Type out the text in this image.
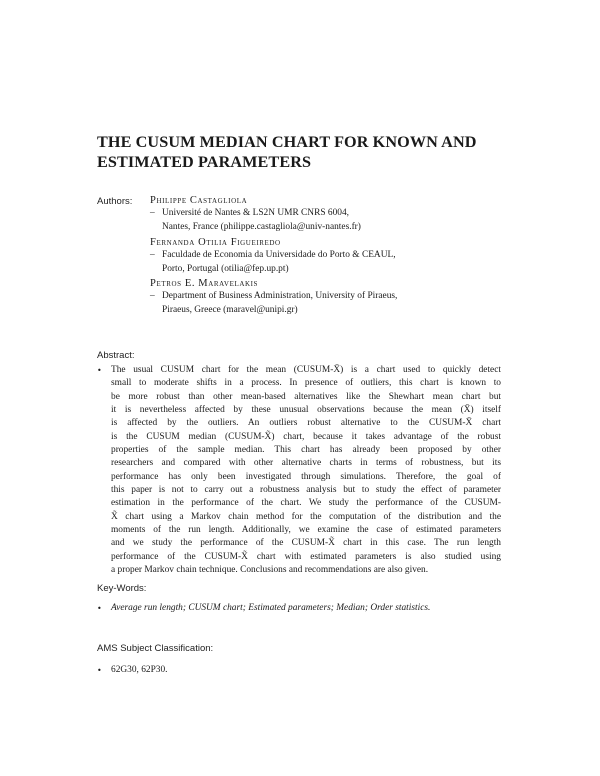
THE CUSUM MEDIAN CHART FOR KNOWN AND
ESTIMATED PARAMETERS
Authors: Philippe Castagliola
– Université de Nantes & LS2N UMR CNRS 6004,
Nantes, France (philippe.castagliola@univ-nantes.fr)
Fernanda Otilia Figueiredo
– Faculdade de Economia da Universidade do Porto & CEAUL,
Porto, Portugal (otilia@fep.up.pt)
Petros E. Maravelakis
– Department of Business Administration, University of Piraeus,
Piraeus, Greece (maravel@unipi.gr)
Abstract:
• The usual CUSUM chart for the mean (CUSUM-X̄) is a chart used to quickly detect
small to moderate shifts in a process. In presence of outliers, this chart is known to
be more robust than other mean-based alternatives like the Shewhart mean chart but
it is nevertheless affected by these unusual observations because the mean (X̄) itself
is affected by the outliers. An outliers robust alternative to the CUSUM-X̄ chart
is the CUSUM median (CUSUM-X̃) chart, because it takes advantage of the robust
properties of the sample median. This chart has already been proposed by other
researchers and compared with other alternative charts in terms of robustness, but its
performance has only been investigated through simulations. Therefore, the goal of
this paper is not to carry out a robustness analysis but to study the effect of parameter
estimation in the performance of the chart. We study the performance of the CUSUM-
X̃ chart using a Markov chain method for the computation of the distribution and the
moments of the run length. Additionally, we examine the case of estimated parameters
and we study the performance of the CUSUM-X̃ chart in this case. The run length
performance of the CUSUM-X̃ chart with estimated parameters is also studied using
a proper Markov chain technique. Conclusions and recommendations are also given.
Key-Words:
• Average run length; CUSUM chart; Estimated parameters; Median; Order statistics.
AMS Subject Classification:
• 62G30, 62P30.
